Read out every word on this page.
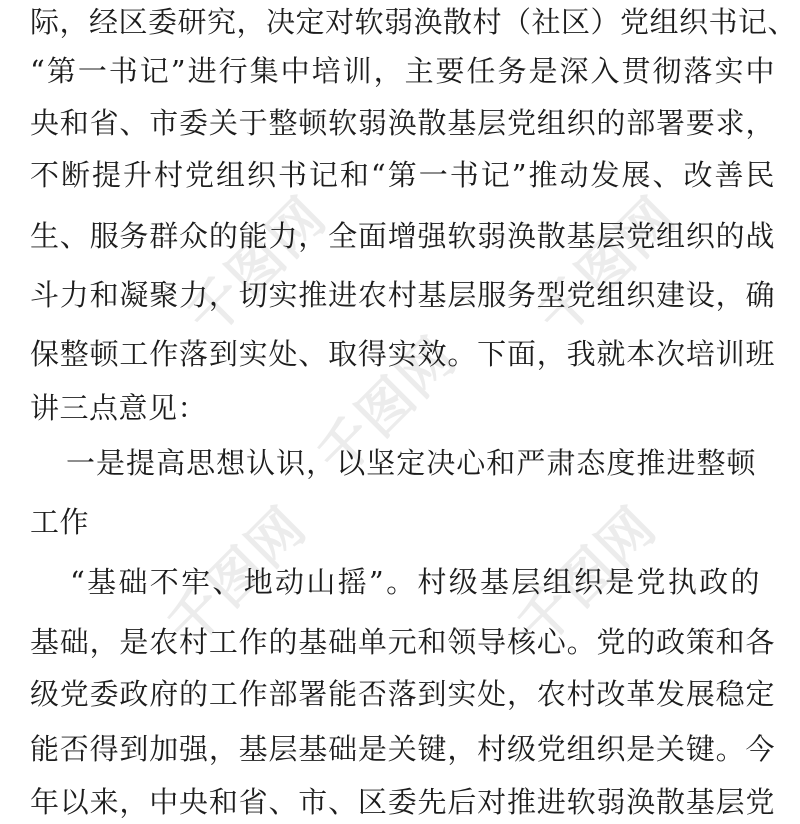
千图网	千图网
千图网
千图网	千图网
际，经区委研究，决定对软弱涣散村（社区）党组织书记、
“第一书记”进行集中培训，主要任务是深入贯彻落实中
央和省、市委关于整顿软弱涣散基层党组织的部署要求，
不断提升村党组织书记和“第一书记”推动发展、改善民
生、服务群众的能力，全面增强软弱涣散基层党组织的战
斗力和凝聚力，切实推进农村基层服务型党组织建设，确
保整顿工作落到实处、取得实效。下面，我就本次培训班
讲三点意见：
一是提高思想认识，以坚定决心和严肃态度推进整顿
工作
“基础不牢、地动山摇”。村级基层组织是党执政的
基础，是农村工作的基础单元和领导核心。党的政策和各
级党委政府的工作部署能否落到实处，农村改革发展稳定
能否得到加强，基层基础是关键，村级党组织是关键。今
年以来，中央和省、市、区委先后对推进软弱涣散基层党
